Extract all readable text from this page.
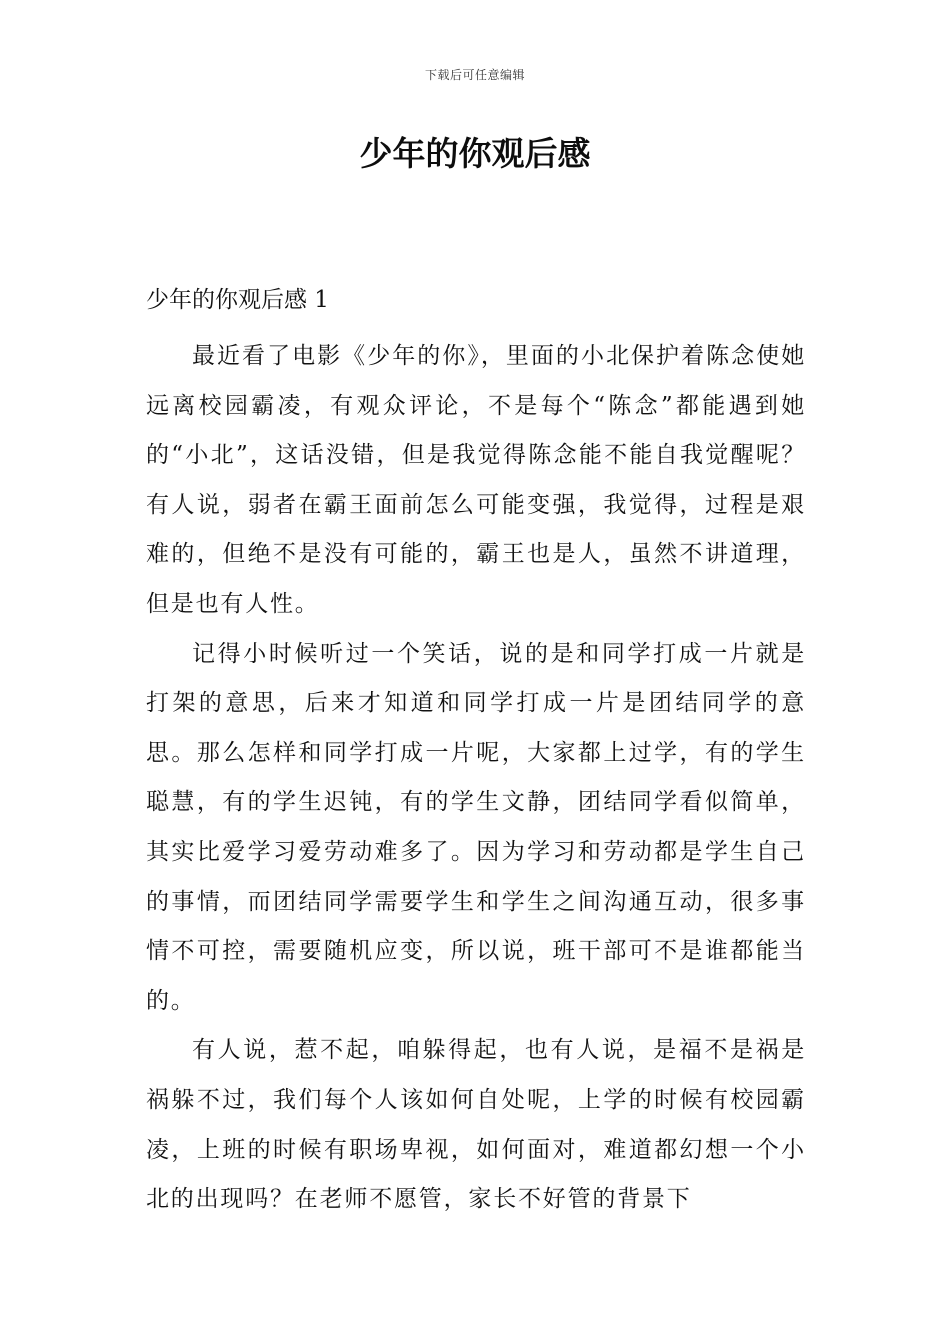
下载后可任意编辑
少年的你观后感

少年的你观后感 1

最近看了电影《少年的你》，里面的小北保护着陈念使她远离校园霸凌，有观众评论，不是每个“陈念”都能遇到她的“小北”，这话没错，但是我觉得陈念能不能自我觉醒呢？有人说，弱者在霸王面前怎么可能变强，我觉得，过程是艰难的，但绝不是没有可能的，霸王也是人，虽然不讲道理，但是也有人性。

记得小时候听过一个笑话，说的是和同学打成一片就是打架的意思，后来才知道和同学打成一片是团结同学的意思。那么怎样和同学打成一片呢，大家都上过学，有的学生聪慧，有的学生迟钝，有的学生文静，团结同学看似简单，其实比爱学习爱劳动难多了。因为学习和劳动都是学生自己的事情，而团结同学需要学生和学生之间沟通互动，很多事情不可控，需要随机应变，所以说，班干部可不是谁都能当的。

有人说，惹不起，咱躲得起，也有人说，是福不是祸是祸躲不过，我们每个人该如何自处呢，上学的时候有校园霸凌，上班的时候有职场卑视，如何面对，难道都幻想一个小北的出现吗？在老师不愿管，家长不好管的背景下
